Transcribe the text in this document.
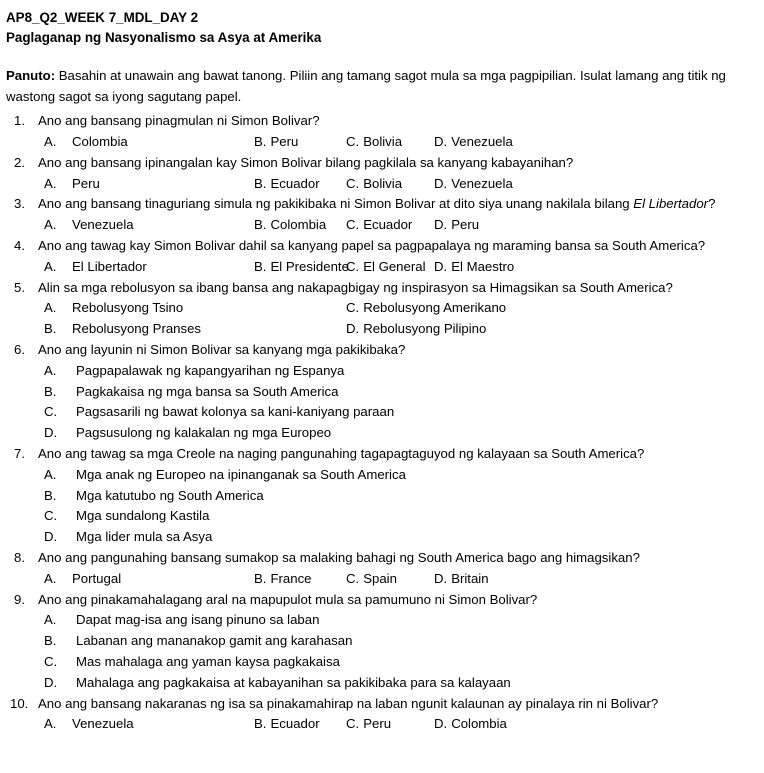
AP8_Q2_WEEK 7_MDL_DAY 2
Paglaganap ng Nasyonalismo sa Asya at Amerika

Panuto: Basahin at unawain ang bawat tanong. Piliin ang tamang sagot mula sa mga pagpipilian. Isulat lamang ang titik ng wastong sagot sa iyong sagutang papel.

1. Ano ang bansang pinagmulan ni Simon Bolivar?
A. Colombia	B. Peru	C. Bolivia D. Venezuela
2. Ano ang bansang ipinangalan kay Simon Bolivar bilang pagkilala sa kanyang kabayanihan?
A. Peru	B. Ecuador C. Bolivia D. Venezuela
3. Ano ang bansang tinaguriang simula ng pakikibaka ni Simon Bolivar at dito siya unang nakilala bilang El Libertador?
A. Venezuela	B. Colombia C. Ecuador D. Peru
4. Ano ang tawag kay Simon Bolivar dahil sa kanyang papel sa pagpapalaya ng maraming bansa sa South America?
A. El Libertador	B. El Presidente
C. El General D. El Maestro
5. Alin sa mga rebolusyon sa ibang bansa ang nakapagbigay ng inspirasyon sa Himagsikan sa South America?
A. Rebolusyong Tsino
B. Rebolusyong Pranses
C. Rebolusyong Amerikano
D. Rebolusyong Pilipino
6. Ano ang layunin ni Simon Bolivar sa kanyang mga pakikibaka?
A.	Pagpapalawak ng kapangyarihan ng Espanya
B.	Pagkakaisa ng mga bansa sa South America
C.	Pagsasarili ng bawat kolonya sa kani-kaniyang paraan
D.	Pagsusulong ng kalakalan ng mga Europeo
7. Ano ang tawag sa mga Creole na naging pangunahing tagapagtaguyod ng kalayaan sa South America?
A.	Mga anak ng Europeo na ipinanganak sa South America
B.	Mga katutubo ng South America
C.	Mga sundalong Kastila
D.	Mga lider mula sa Asya
8. Ano ang pangunahing bansang sumakop sa malaking bahagi ng South America bago ang himagsikan?
A. Portugal	B. France	C. Spain	D. Britain
9. Ano ang pinakamahalagang aral na mapupulot mula sa pamumuno ni Simon Bolivar?
A.	Dapat mag-isa ang isang pinuno sa laban
B.	Labanan ang mananakop gamit ang karahasan
C.	Mas mahalaga ang yaman kaysa pagkakaisa
D.	Mahalaga ang pagkakaisa at kabayanihan sa pakikibaka para sa kalayaan
10. Ano ang bansang nakaranas ng isa sa pinakamahirap na laban ngunit kalaunan ay pinalaya rin ni Bolivar?
A. Venezuela	B. Ecuador C. Peru	D. Colombia
